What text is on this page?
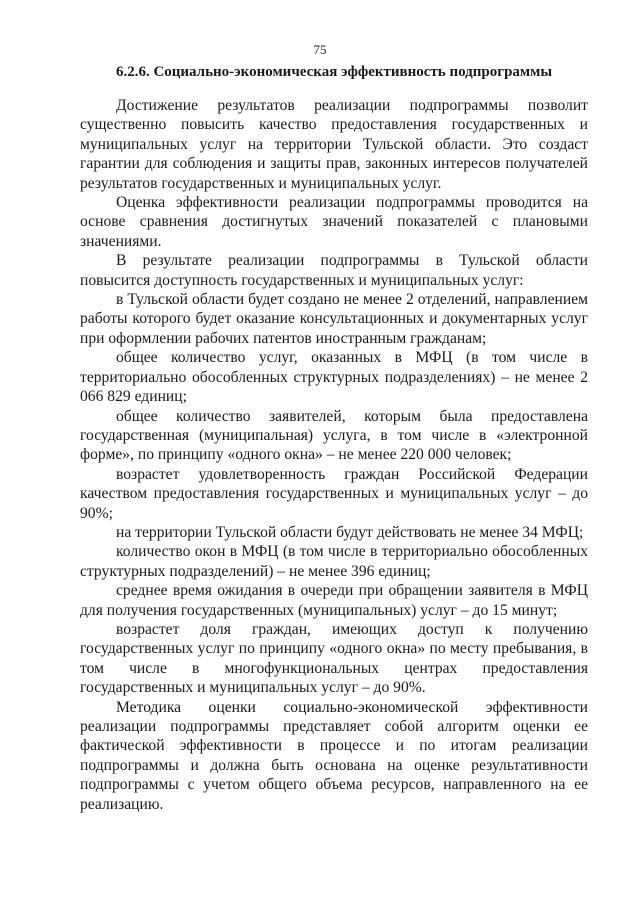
75
6.2.6. Социально-экономическая эффективность подпрограммы

Достижение результатов реализации подпрограммы позволит существенно повысить качество предоставления государственных и муниципальных услуг на территории Тульской области. Это создаст гарантии для соблюдения и защиты прав, законных интересов получателей результатов государственных и муниципальных услуг.

Оценка эффективности реализации подпрограммы проводится на основе сравнения достигнутых значений показателей с плановыми значениями.

В результате реализации подпрограммы в Тульской области повысится доступность государственных и муниципальных услуг:

в Тульской области будет создано не менее 2 отделений, направлением работы которого будет оказание консультационных и документарных услуг при оформлении рабочих патентов иностранным гражданам;

общее количество услуг, оказанных в МФЦ (в том числе в территориально обособленных структурных подразделениях) – не менее 2 066 829 единиц;

общее количество заявителей, которым была предоставлена государственная (муниципальная) услуга, в том числе в «электронной форме», по принципу «одного окна» – не менее 220 000 человек;

возрастет удовлетворенность граждан Российской Федерации качеством предоставления государственных и муниципальных услуг – до 90%;

на территории Тульской области будут действовать не менее 34 МФЦ;

количество окон в МФЦ (в том числе в территориально обособленных структурных подразделений) – не менее 396 единиц;

среднее время ожидания в очереди при обращении заявителя в МФЦ для получения государственных (муниципальных) услуг – до 15 минут;

возрастет доля граждан, имеющих доступ к получению государственных услуг по принципу «одного окна» по месту пребывания, в том числе в многофункциональных центрах предоставления государственных и муниципальных услуг – до 90%.

Методика оценки социально-экономической эффективности реализации подпрограммы представляет собой алгоритм оценки ее фактической эффективности в процессе и по итогам реализации подпрограммы и должна быть основана на оценке результативности подпрограммы с учетом общего объема ресурсов, направленного на ее реализацию.
